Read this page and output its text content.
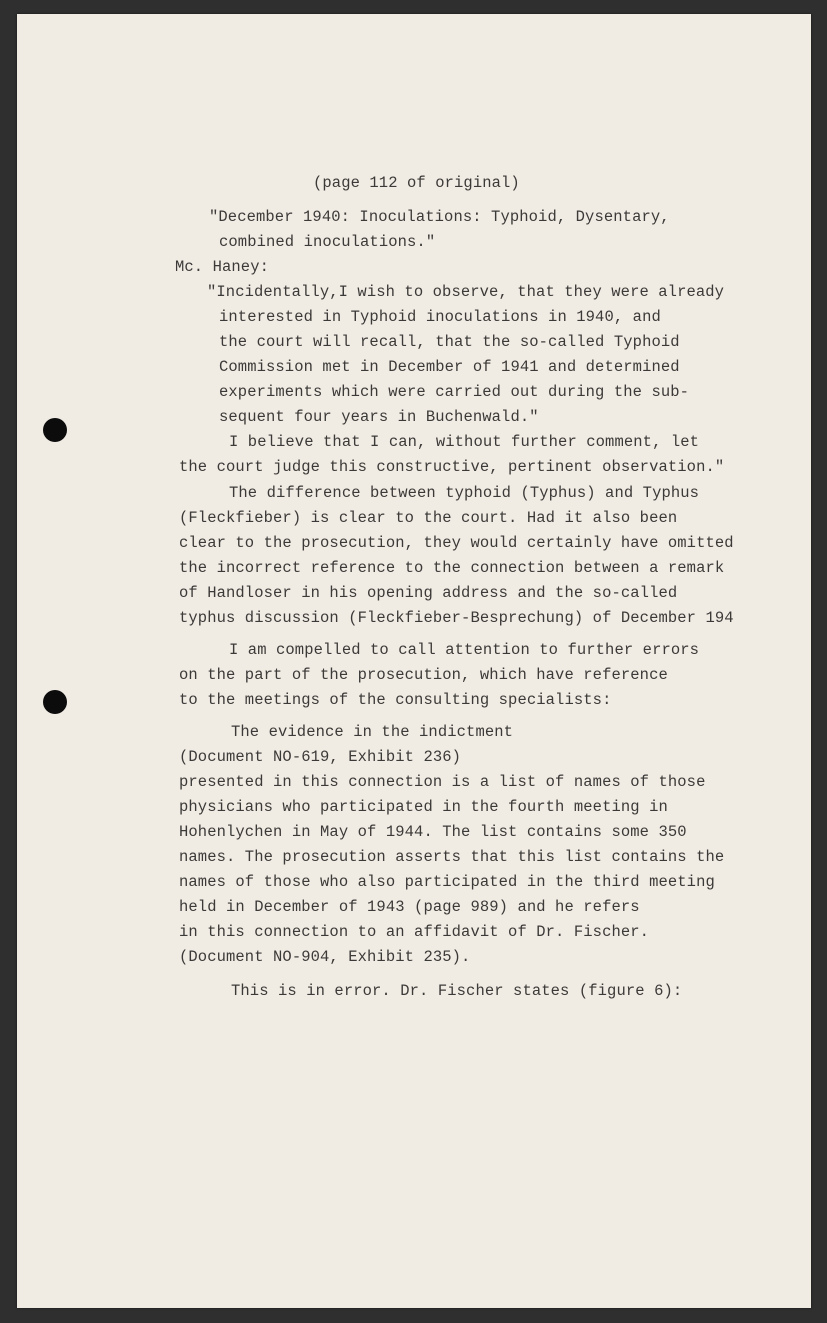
(page 112 of original)
"December 1940: Inoculations: Typhoid, Dysentary,
combined inoculations."
Mc. Haney:
"Incidentally,I wish to observe, that they were already
interested in Typhoid inoculations in 1940, and
the court will recall, that the so-called Typhoid
Commission met in December of 1941 and determined
experiments which were carried out during the sub-
sequent four years in Buchenwald."
I believe that I can, without further comment, let
the court judge this constructive, pertinent observation."
The difference between typhoid (Typhus) and Typhus
(Fleckfieber) is clear to the court. Had it also been
clear to the prosecution, they would certainly have omitted
the incorrect reference to the connection between a remark
of Handloser in his opening address and the so-called
typhus discussion (Fleckfieber-Besprechung) of December 194
I am compelled to call attention to further errors
on the part of the prosecution, which have reference
to the meetings of the consulting specialists:
The evidence in the indictment
(Document NO-619, Exhibit 236)
presented in this connection is a list of names of those
physicians who participated in the fourth meeting in
Hohenlychen in May of 1944. The list contains some 350
names. The prosecution asserts that this list contains the
names of those who also participated in the third meeting
held in December of 1943 (page 989) and he refers
in this connection to an affidavit of Dr. Fischer.
(Document NO-904, Exhibit 235).
This is in error. Dr. Fischer states (figure 6):
